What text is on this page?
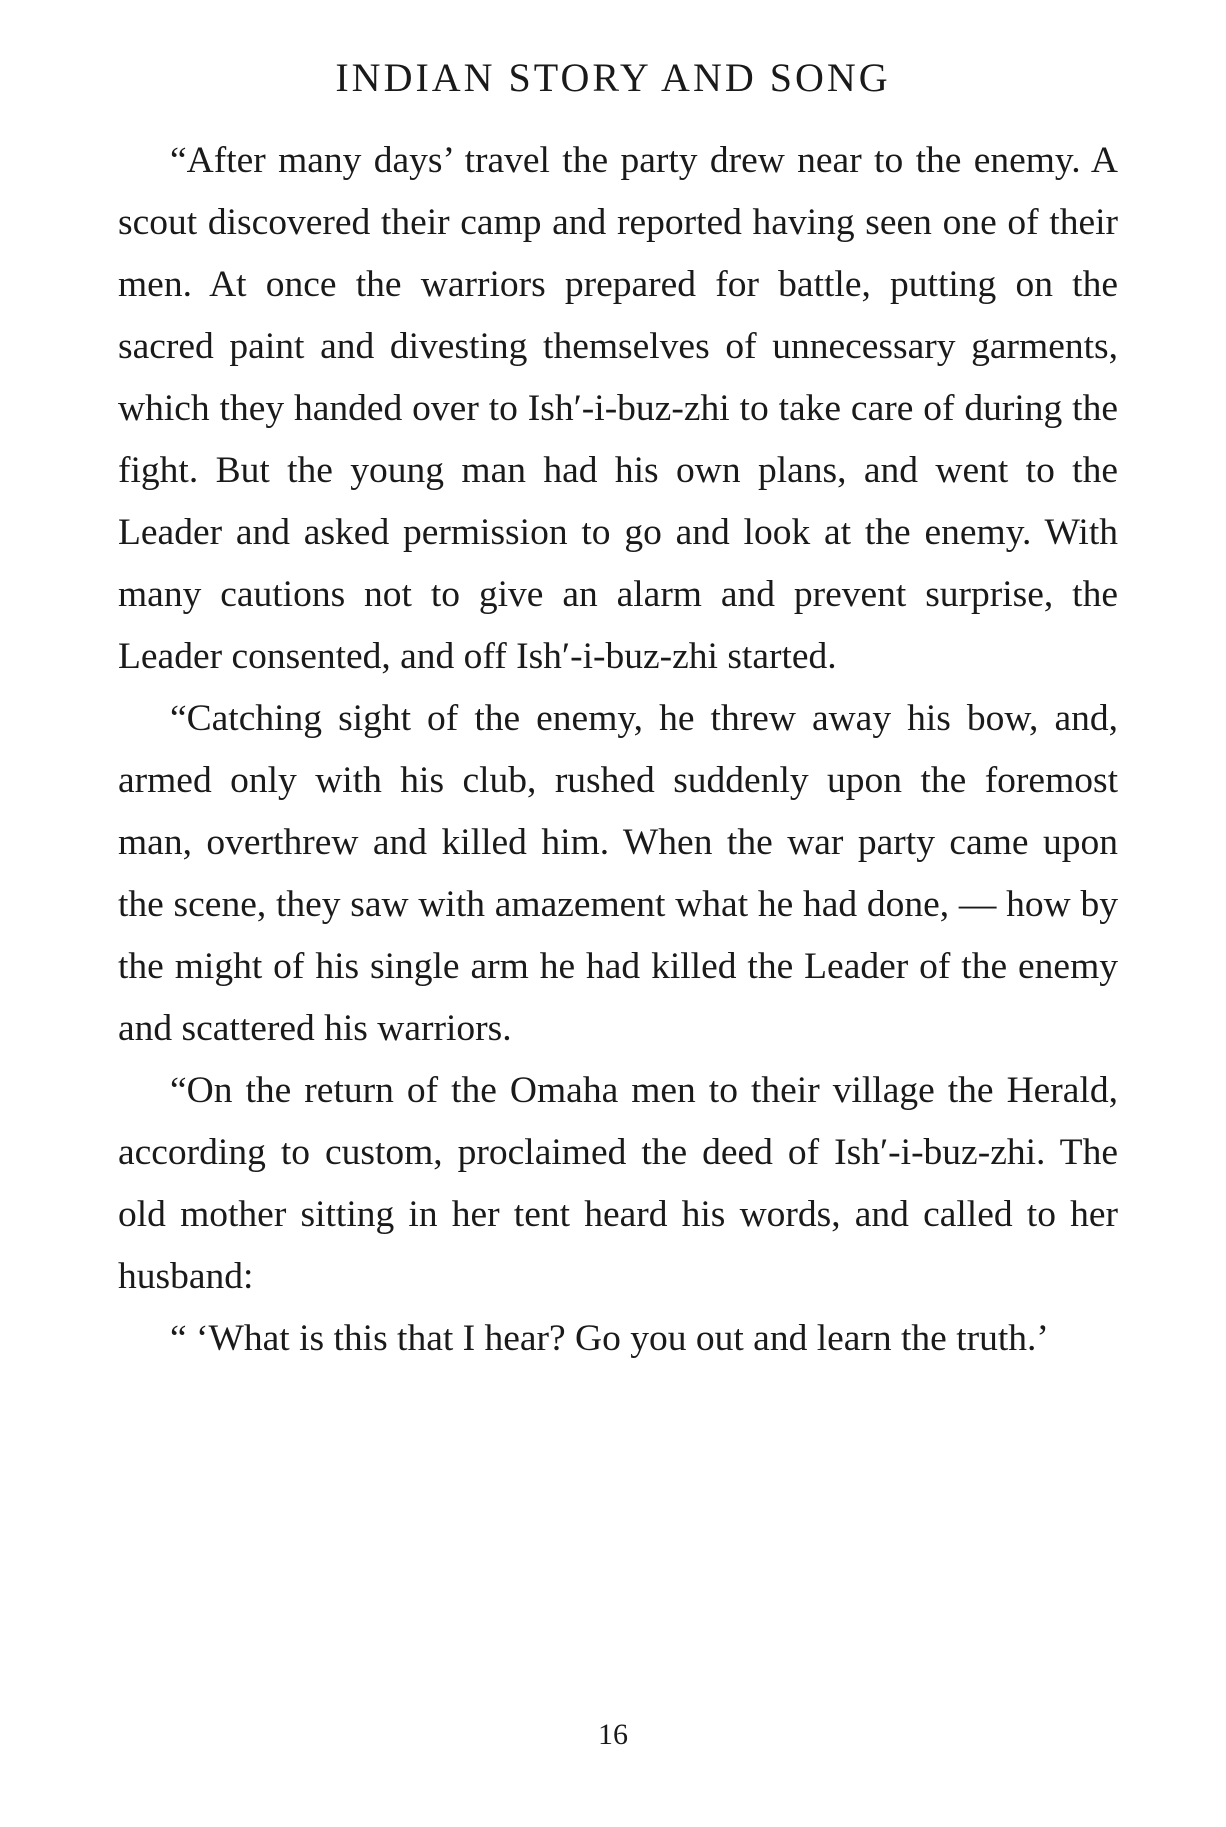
INDIAN STORY AND SONG

“After many days’ travel the party drew near to the enemy. A scout discovered their camp and reported having seen one of their men. At once the warriors prepared for battle, putting on the sacred paint and divesting themselves of unnecessary garments, which they handed over to Ish′-i-buz-zhi to take care of during the fight. But the young man had his own plans, and went to the Leader and asked permission to go and look at the enemy. With many cautions not to give an alarm and prevent surprise, the Leader consented, and off Ish′-i-buz-zhi started.

“Catching sight of the enemy, he threw away his bow, and, armed only with his club, rushed suddenly upon the foremost man, overthrew and killed him. When the war party came upon the scene, they saw with amazement what he had done, — how by the might of his single arm he had killed the Leader of the enemy and scattered his warriors.

“On the return of the Omaha men to their village the Herald, according to custom, proclaimed the deed of Ish′-i-buz-zhi. The old mother sitting in her tent heard his words, and called to her husband:

“ ‘What is this that I hear? Go you out and learn the truth.’

16
